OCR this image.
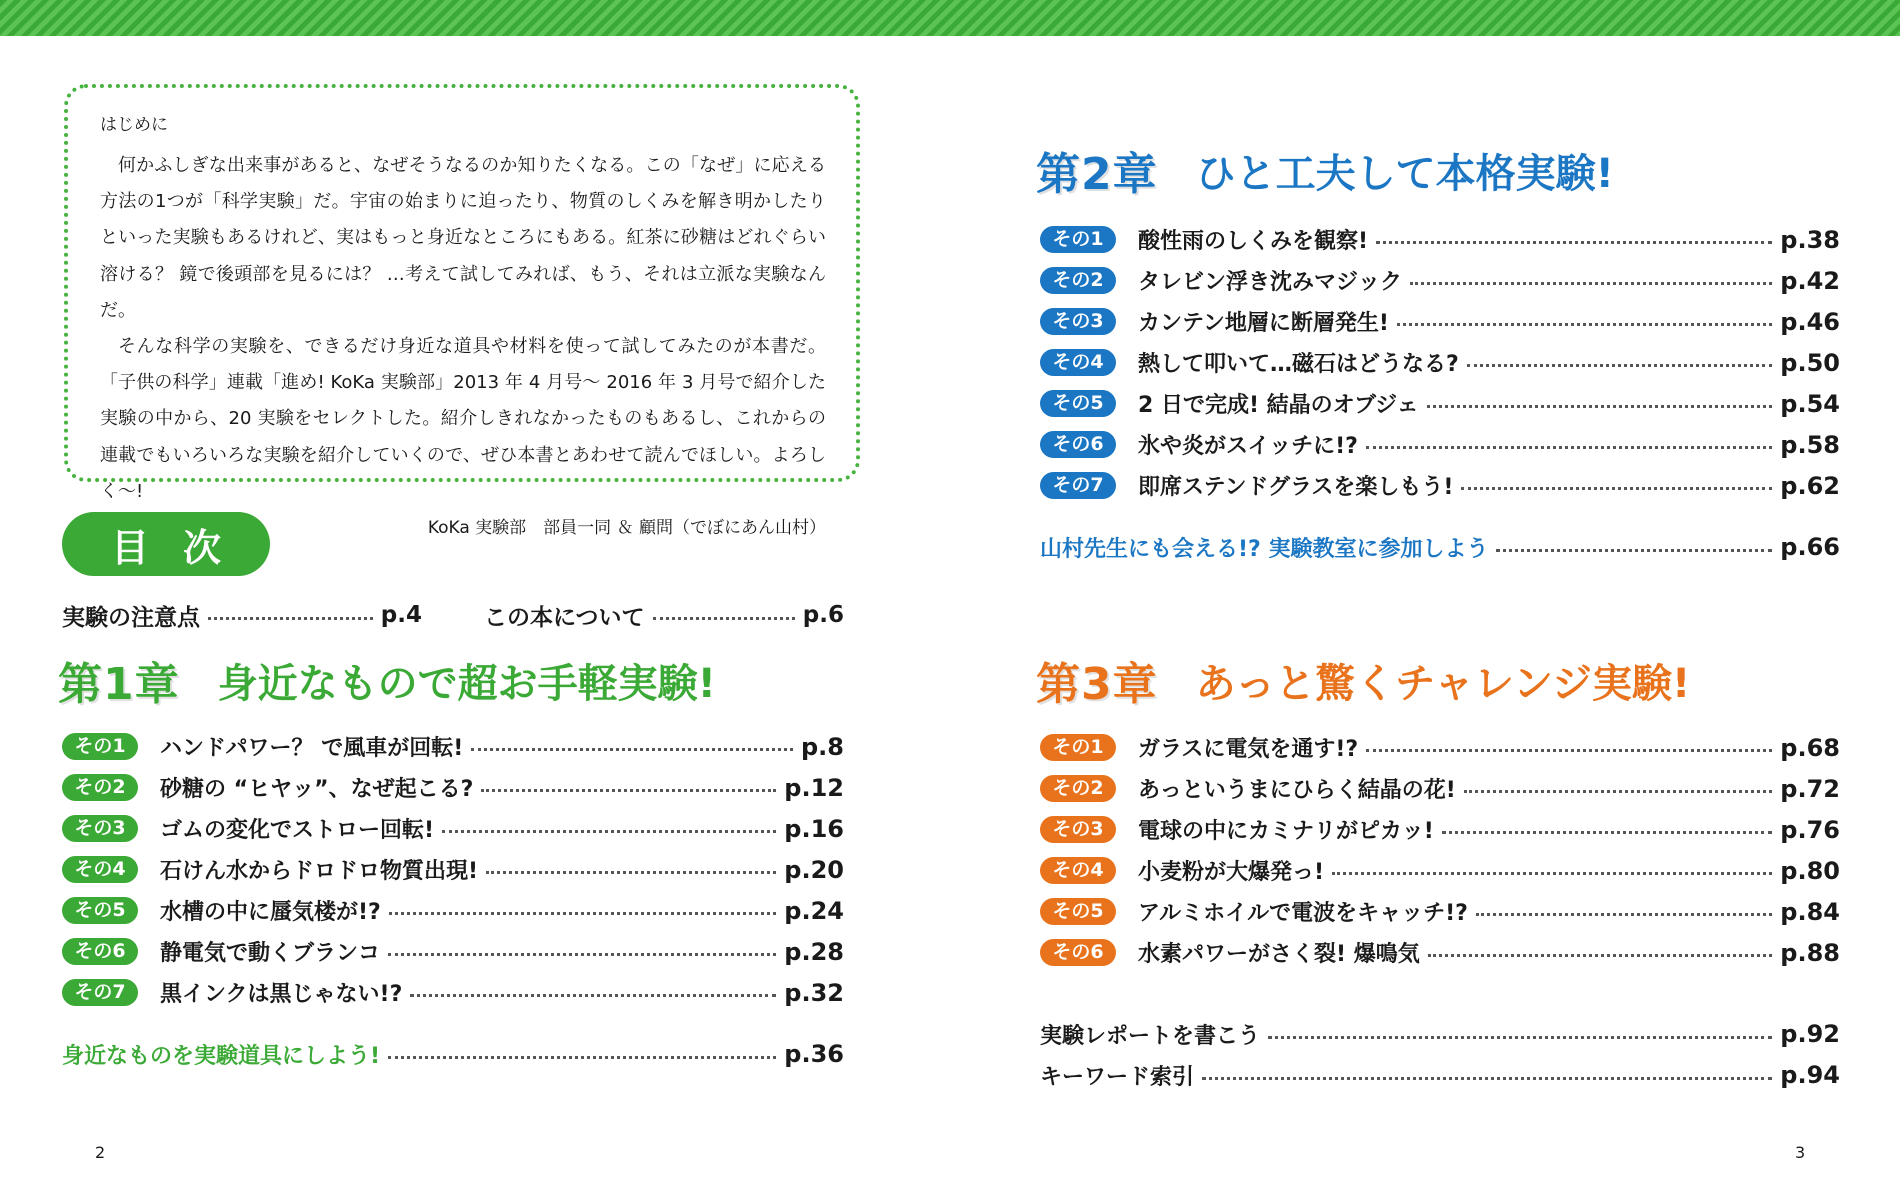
はじめに

何かふしぎな出来事があると、なぜそうなるのか知りたくなる。この「なぜ」に応える方法の1つが「科学実験」だ。宇宙の始まりに迫ったり、物質のしくみを解き明かしたりといった実験もあるけれど、実はもっと身近なところにもある。紅茶に砂糖はどれぐらい溶ける？ 鏡で後頭部を見るには？ …考えて試してみれば、もう、それは立派な実験なんだ。

そんな科学の実験を、できるだけ身近な道具や材料を使って試してみたのが本書だ。「子供の科学」連載「進め! KoKa 実験部」2013 年 4 月号～ 2016 年 3 月号で紹介した実験の中から、20 実験をセレクトした。紹介しきれなかったものもあるし、これからの連載でもいろいろな実験を紹介していくので、ぜひ本書とあわせて読んでほしい。よろしく～!

KoKa 実験部　部員一同 ＆ 顧問（でぼにあん山村）
目次
実験の注意点	p.4	この本について	p.6
第1章 身近なもので超お手軽実験!
その1	ハンドパワー？ で風車が回転!	p.8
その2	砂糖の “ヒヤッ”、なぜ起こる?	p.12
その3	ゴムの変化でストロー回転!	p.16
その4	石けん水からドロドロ物質出現!	p.20
その5	水槽の中に蜃気楼が!?	p.24
その6	静電気で動くブランコ	p.28
その7	黒インクは黒じゃない!?	p.32
身近なものを実験道具にしよう!	p.36
第2章 ひと工夫して本格実験!
その1	酸性雨のしくみを観察!	p.38
その2	タレビン浮き沈みマジック	p.42
その3	カンテン地層に断層発生!	p.46
その4	熱して叩いて…磁石はどうなる?	p.50
その5	2 日で完成! 結晶のオブジェ	p.54
その6	氷や炎がスイッチに!?	p.58
その7	即席ステンドグラスを楽しもう!	p.62
山村先生にも会える!? 実験教室に参加しよう	p.66
第3章 あっと驚くチャレンジ実験!
その1	ガラスに電気を通す!?	p.68
その2	あっというまにひらく結晶の花!	p.72
その3	電球の中にカミナリがピカッ!	p.76
その4	小麦粉が大爆発っ!	p.80
その5	アルミホイルで電波をキャッチ!?	p.84
その6	水素パワーがさく裂! 爆鳴気	p.88
実験レポートを書こう	p.92
キーワード索引	p.94
2	3
